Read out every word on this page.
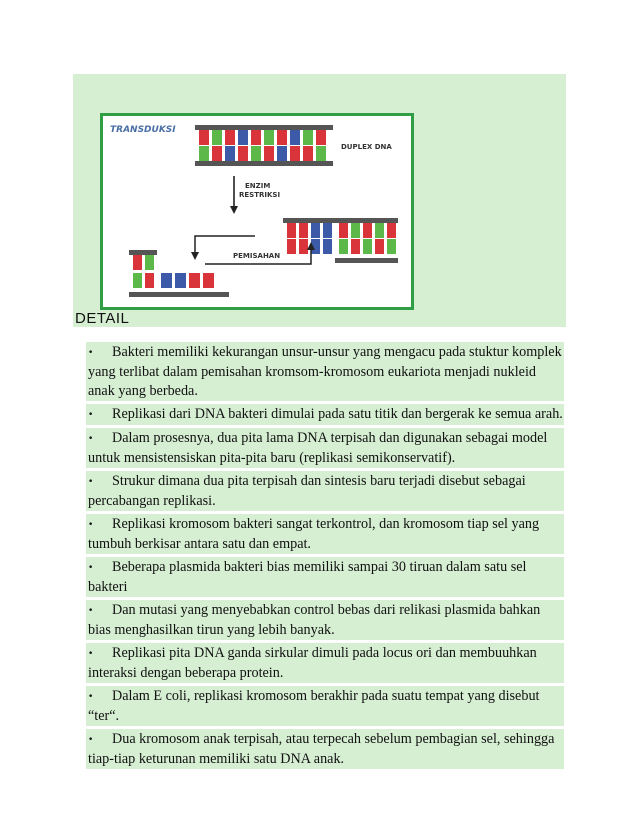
TRANSDUKSI
DUPLEX DNA
ENZIM
RESTRIKSI
PEMISAHAN
DETAIL
• Bakteri memiliki kekurangan unsur-unsur yang mengacu pada stuktur komplek yang terlibat dalam pemisahan kromsom-kromosom eukariota menjadi nukleid anak yang berbeda.
• Replikasi dari DNA bakteri dimulai pada satu titik dan bergerak ke semua arah.
• Dalam prosesnya, dua pita lama DNA terpisah dan digunakan sebagai model untuk mensistensiskan pita-pita baru (replikasi semikonservatif).
• Strukur dimana dua pita terpisah dan sintesis baru terjadi disebut sebagai percabangan replikasi.
• Replikasi kromosom bakteri sangat terkontrol, dan kromosom tiap sel yang tumbuh berkisar antara satu dan empat.
• Beberapa plasmida bakteri bias memiliki sampai 30 tiruan dalam satu sel bakteri
• Dan mutasi yang menyebabkan control bebas dari relikasi plasmida bahkan bias menghasilkan tirun yang lebih banyak.
• Replikasi pita DNA ganda sirkular dimuli pada locus ori dan membuuhkan interaksi dengan beberapa protein.
• Dalam E coli, replikasi kromosom berakhir pada suatu tempat yang disebut “ter“.
• Dua kromosom anak terpisah, atau terpecah sebelum pembagian sel, sehingga tiap-tiap keturunan memiliki satu DNA anak.
